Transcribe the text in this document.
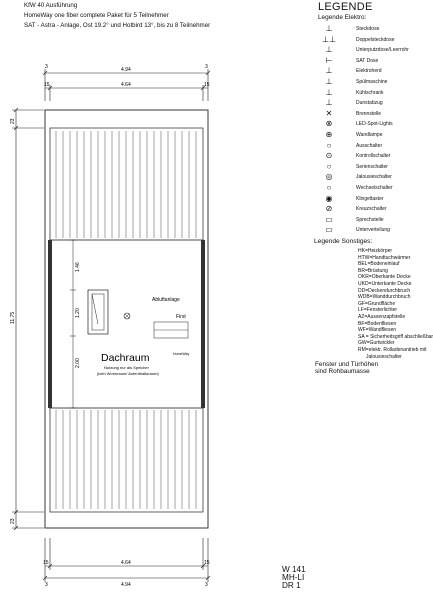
KfW 40 Ausführung
HomeWay one fiber complete Paket für 5 Teilnehmer
SAT - Astra - Anlage, Ost 19.2° und Hotbird 13°, bis zu 8 Teilnehmer
3	3
4.94
4.64
15	15
23
11.75
23
1.46
1.20
2.00
Abluftanlage
First
HomeWay
Dachraum
Nutzung nur als Speicher
(kein Wohnraum/ Aufenthaltsraum)
15	15
4.64
4.94
3	3
LEGENDE
Legende Elektro:
⊥	Steckdose
⊥⊥	Doppelsteckdose
⊥	Unterputzdose/Leerrohr
⊢	SAT Dose
⊥	Elektroherd
⊥	Spülmaschine
⊥	Kühlschrank
⊥	Dunstabzug
✕	Brennstelle
⊗	LED-Spot-Lights
⊕	Wandlampe
○	Ausschalter
⊙	Kontrollschalter
○	Serienschalter
◎	Jalousieschalter
○	Wechselschalter
◉	Klingeltaster
⊘	Kreuzschalter
▭	Sprechstelle
▭	Unterverteilung
Legende Sonstiges:
HK=Heizkörper
HTW=Handtuchwärmer
BEL=Bodeneinlauf
BR=Brüstung
OKR=Oberkante Decke
UKD=Unterkante Decke
DD=Deckendurchbruch
WDB=Wanddurchbruch
GF=Grundfläche
LF=Fensterlichter
AZ=Aussenzapfstelle
BF=Bodenfliesen
WF=Wandfliesen
SA = Sicherheitsgriff abschließbar
GW=Gurtwickler
RM=elektr. Rolladenantrieb mit
Jalousieschalter
Fenster und Türhöhen
sind Rohbaumasse
W 141
MH-LI
DR 1
